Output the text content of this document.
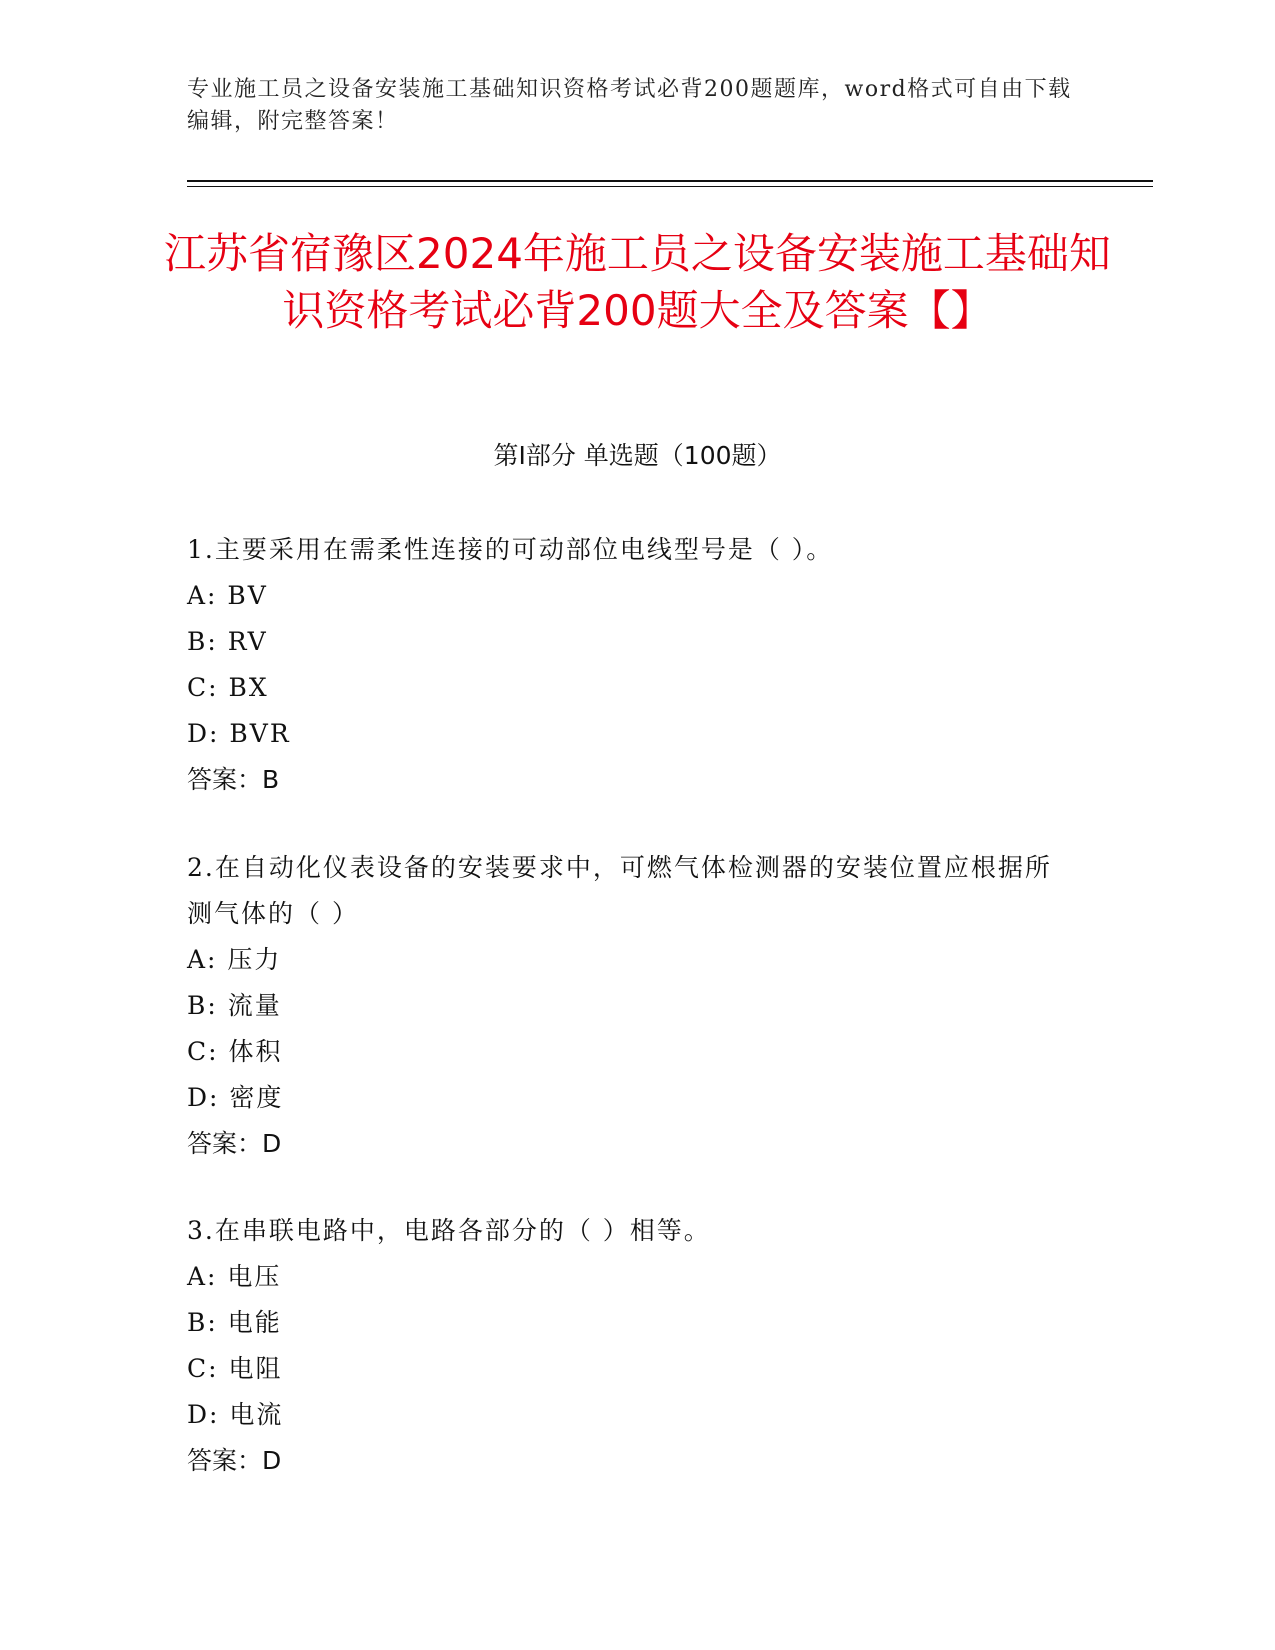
专业施工员之设备安装施工基础知识资格考试必背200题题库，word格式可自由下载编辑，附完整答案！
江苏省宿豫区2024年施工员之设备安装施工基础知识资格考试必背200题大全及答案【】
第I部分 单选题（100题）

1.主要采用在需柔性连接的可动部位电线型号是（ ）。

A: BV

B: RV

C: BX

D: BVR

答案：B

2.在自动化仪表设备的安装要求中，可燃气体检测器的安装位置应根据所测气体的（ ）

A: 压力

B: 流量

C: 体积

D: 密度

答案：D

3.在串联电路中，电路各部分的（ ）相等。

A: 电压

B: 电能

C: 电阻

D: 电流

答案：D
